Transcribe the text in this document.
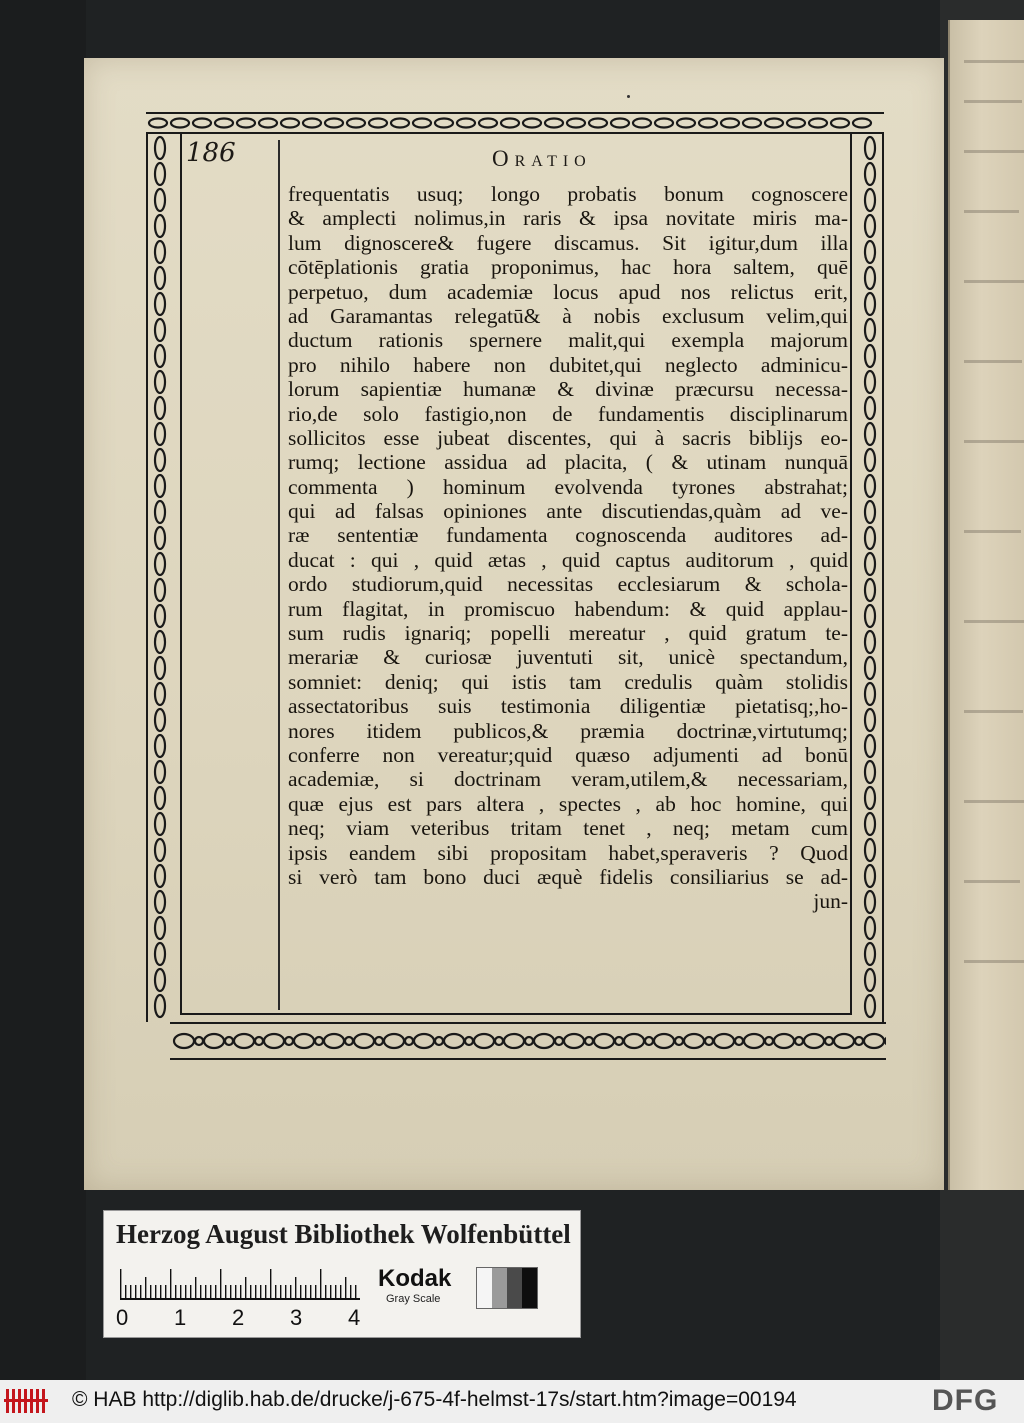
186	Oratio
frequentatis usuq; longo probatis bonum cognoscere
& amplecti nolimus,in raris & ipsa novitate miris ma-
lum dignoscere& fugere discamus. Sit igitur,dum illa
cōtēplationis gratia proponimus, hac hora saltem, quē
perpetuo, dum academiæ locus apud nos relictus erit,
ad Garamantas relegatū& à nobis exclusum velim,qui
ductum rationis spernere malit,qui exempla majorum
pro nihilo habere non dubitet,qui neglecto adminicu-
lorum sapientiæ humanæ & divinæ præcursu necessa-
rio,de solo fastigio,non de fundamentis disciplinarum
sollicitos esse jubeat discentes, qui à sacris biblijs eo-
rumq; lectione assidua ad placita, ( & utinam nunquā
commenta ) hominum evolvenda tyrones abstrahat;
qui ad falsas opiniones ante discutiendas,quàm ad ve-
ræ sententiæ fundamenta cognoscenda auditores ad-
ducat : qui , quid ætas , quid captus auditorum , quid
ordo studiorum,quid necessitas ecclesiarum & schola-
rum flagitat, in promiscuo habendum: & quid applau-
sum rudis ignariq; popelli mereatur , quid gratum te-
merariæ & curiosæ juventuti sit, unicè spectandum,
somniet: deniq; qui istis tam credulis quàm stolidis
assectatoribus suis testimonia diligentiæ pietatisq;,ho-
nores itidem publicos,& præmia doctrinæ,virtutumq;
conferre non vereatur;quid quæso adjumenti ad bonū
academiæ, si doctrinam veram,utilem,& necessariam,
quæ ejus est pars altera , spectes , ab hoc homine, qui
neq; viam veteribus tritam tenet , neq; metam cum
ipsis eandem sibi propositam habet,speraveris ? Quod
si verò tam bono duci æquè fidelis consiliarius se ad-
jun-
Herzog August Bibliothek Wolfenbüttel
0 1 2 3 4
Kodak
Gray Scale
© HAB http://diglib.hab.de/drucke/j-675-4f-helmst-17s/start.htm?image=00194	DFG
